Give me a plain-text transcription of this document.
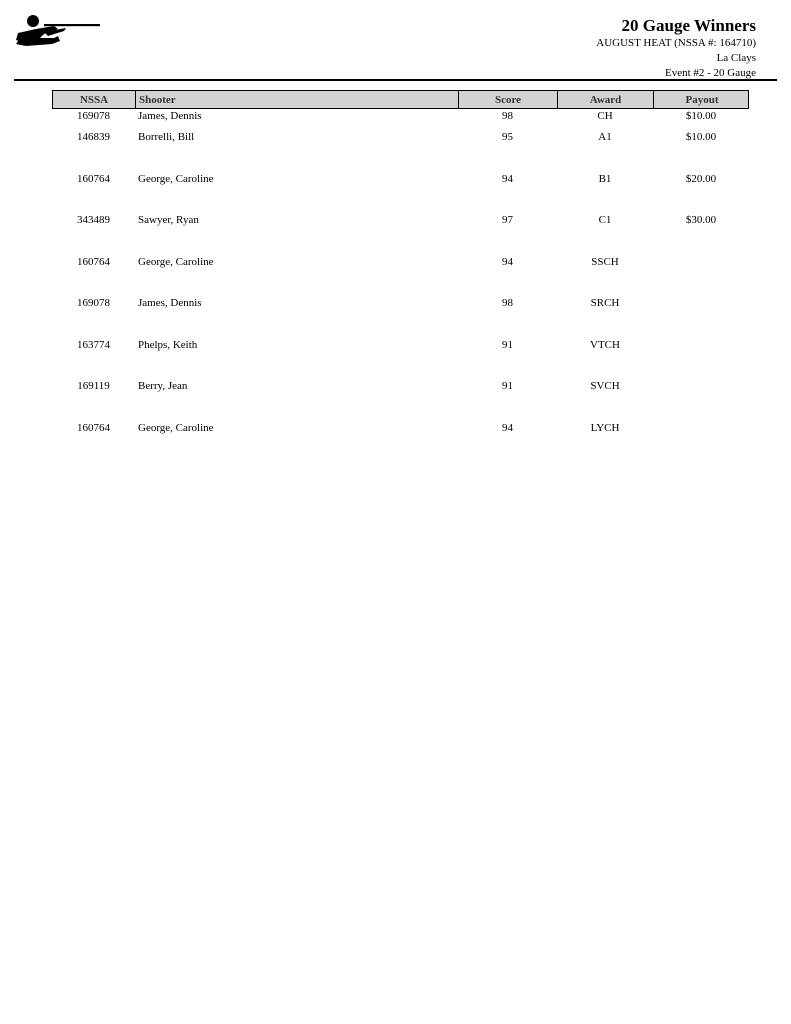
20 Gauge Winners
AUGUST HEAT (NSSA #: 164710)
La Clays
Event #2 - 20 Gauge
NSSA	Shooter	Score	Award	Payout
169078	James, Dennis	98	CH	$10.00
146839	Borrelli, Bill	95	A1	$10.00
160764	George, Caroline	94	B1	$20.00
343489	Sawyer, Ryan	97	C1	$30.00
160764	George, Caroline	94	SSCH
169078	James, Dennis	98	SRCH
163774	Phelps, Keith	91	VTCH
169119	Berry, Jean	91	SVCH
160764	George, Caroline	94	LYCH
